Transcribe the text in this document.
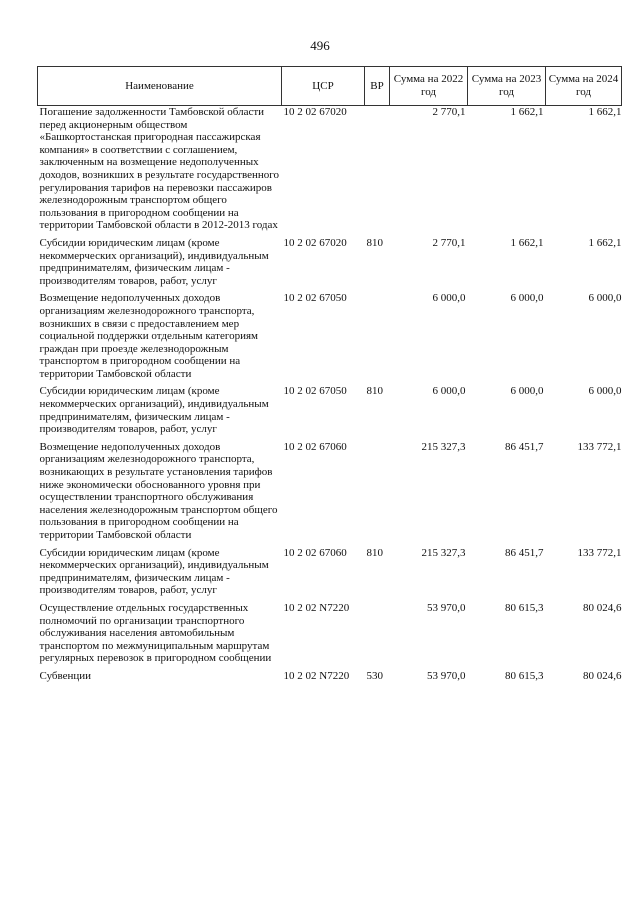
496
Наименование	ЦСР	ВР	Сумма на 2022 год	Сумма на 2023 год	Сумма на 2024 год
Погашение задолженности Тамбовской области перед акционерным обществом «Башкортостанская пригородная пассажирская компания» в соответствии с соглашением, заключенным на возмещение недополученных доходов, возникших в результате государственного регулирования тарифов на перевозки пассажиров железнодорожным транспортом общего пользования в пригородном сообщении на территории Тамбовской области в 2012-2013 годах	10 2 02 67020		2 770,1	1 662,1	1 662,1
Субсидии юридическим лицам (кроме некоммерческих организаций), индивидуальным предпринимателям, физическим лицам - производителям товаров, работ, услуг	10 2 02 67020	810	2 770,1	1 662,1	1 662,1
Возмещение недополученных доходов организациям железнодорожного транспорта, возникших в связи с предоставлением мер социальной поддержки отдельным категориям граждан при проезде железнодорожным транспортом в пригородном сообщении на территории Тамбовской области	10 2 02 67050		6 000,0	6 000,0	6 000,0
Субсидии юридическим лицам (кроме некоммерческих организаций), индивидуальным предпринимателям, физическим лицам - производителям товаров, работ, услуг	10 2 02 67050	810	6 000,0	6 000,0	6 000,0
Возмещение недополученных доходов организациям железнодорожного транспорта, возникающих в результате установления тарифов ниже экономически обоснованного уровня при осуществлении транспортного обслуживания населения железнодорожным транспортом общего пользования в пригородном сообщении на территории Тамбовской области	10 2 02 67060		215 327,3	86 451,7	133 772,1
Субсидии юридическим лицам (кроме некоммерческих организаций), индивидуальным предпринимателям, физическим лицам - производителям товаров, работ, услуг	10 2 02 67060	810	215 327,3	86 451,7	133 772,1
Осуществление отдельных государственных полномочий по организации транспортного обслуживания населения автомобильным транспортом по межмуниципальным маршрутам регулярных перевозок в пригородном сообщении	10 2 02 N7220		53 970,0	80 615,3	80 024,6
Субвенции	10 2 02 N7220	530	53 970,0	80 615,3	80 024,6
